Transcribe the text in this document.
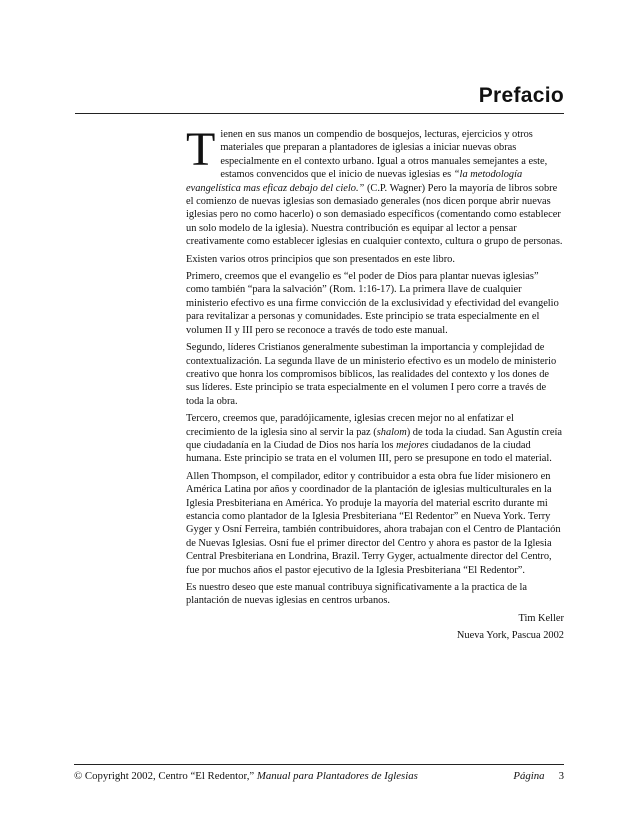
Prefacio

Tienen en sus manos un compendio de bosquejos, lecturas, ejercicios y otros materiales que preparan a plantadores de iglesias a iniciar nuevas obras especialmente en el contexto urbano. Igual a otros manuales semejantes a este, estamos convencidos que el inicio de nuevas iglesias es “la metodología evangelística mas eficaz debajo del cielo.” (C.P. Wagner) Pero la mayoría de libros sobre el comienzo de nuevas iglesias son demasiado generales (nos dicen porque abrir nuevas iglesias pero no como hacerlo) o son demasiado específicos (comentando como establecer un solo modelo de la iglesia). Nuestra contribución es equipar al lector a pensar creativamente como establecer iglesias en cualquier contexto, cultura o grupo de personas.

Existen varios otros principios que son presentados en este libro.

Primero, creemos que el evangelio es “el poder de Dios para plantar nuevas iglesias” como también “para la salvación” (Rom. 1:16-17). La primera llave de cualquier ministerio efectivo es una firme convicción de la exclusividad y efectividad del evangelio para revitalizar a personas y comunidades. Este principio se trata especialmente en el volumen II y III pero se reconoce a través de todo este manual.

Segundo, líderes Cristianos generalmente subestiman la importancia y complejidad de contextualización. La segunda llave de un ministerio efectivo es un modelo de ministerio creativo que honra los compromisos bíblicos, las realidades del contexto y los dones de sus líderes. Este principio se trata especialmente en el volumen I pero corre a través de toda la obra.

Tercero, creemos que, paradójicamente, iglesias crecen mejor no al enfatizar el crecimiento de la iglesia sino al servir la paz (shalom) de toda la ciudad. San Agustín creía que ciudadanía en la Ciudad de Dios nos haría los mejores ciudadanos de la ciudad humana. Este principio se trata en el volumen III, pero se presupone en todo el material.

Allen Thompson, el compilador, editor y contribuidor a esta obra fue líder misionero en América Latina por años y coordinador de la plantación de iglesias multiculturales en la Iglesia Presbiteriana en América. Yo produje la mayoría del material escrito durante mi estancia como plantador de la Iglesia Presbiteriana “El Redentor” en Nueva York. Terry Gyger y Osní Ferreira, también contribuidores, ahora trabajan con el Centro de Plantación de Nuevas Iglesias. Osní fue el primer director del Centro y ahora es pastor de la Iglesia Central Presbiteriana en Londrina, Brazil. Terry Gyger, actualmente director del Centro, fue por muchos años el pastor ejecutivo de la Iglesia Presbiteriana “El Redentor”.

Es nuestro deseo que este manual contribuya significativamente a la practica de la plantación de nuevas iglesias en centros urbanos.

Tim Keller

Nueva York, Pascua 2002

© Copyright 2002, Centro “El Redentor,” Manual para Plantadores de Iglesias	Página 3
